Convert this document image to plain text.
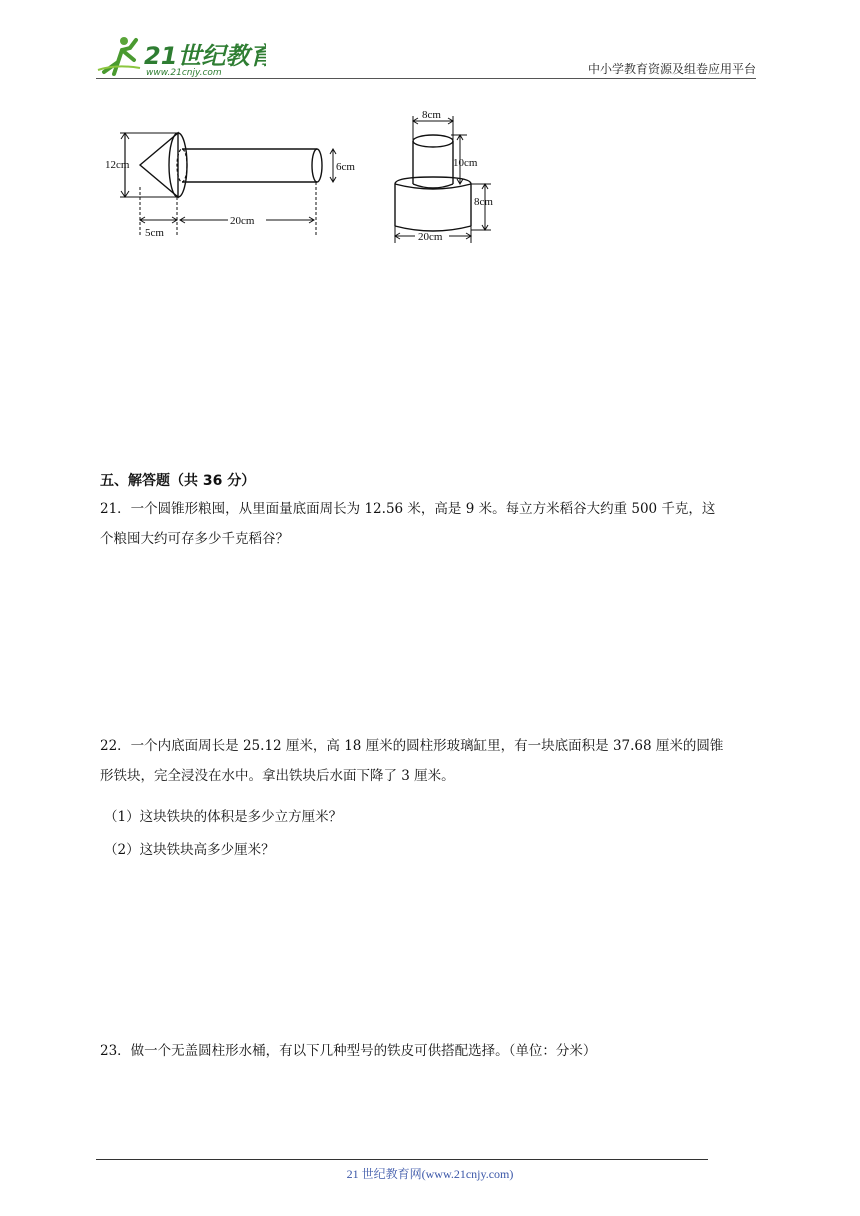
21世纪教育
www.21cnjy.com	中小学教育资源及组卷应用平台
12cm	6cm
20cm
5cm
8cm
10cm
8cm
20cm
五、解答题（共 36 分）
21．一个圆锥形粮囤，从里面量底面周长为 12.56 米，高是 9 米。每立方米稻谷大约重 500 千克，这
个粮囤大约可存多少千克稻谷？
22．一个内底面周长是 25.12 厘米，高 18 厘米的圆柱形玻璃缸里，有一块底面积是 37.68 厘米的圆锥
形铁块，完全浸没在水中。拿出铁块后水面下降了 3 厘米。
（1）这块铁块的体积是多少立方厘米？
（2）这块铁块高多少厘米？
23．做一个无盖圆柱形水桶，有以下几种型号的铁皮可供搭配选择。（单位：分米）
21 世纪教育网(www.21cnjy.com)
